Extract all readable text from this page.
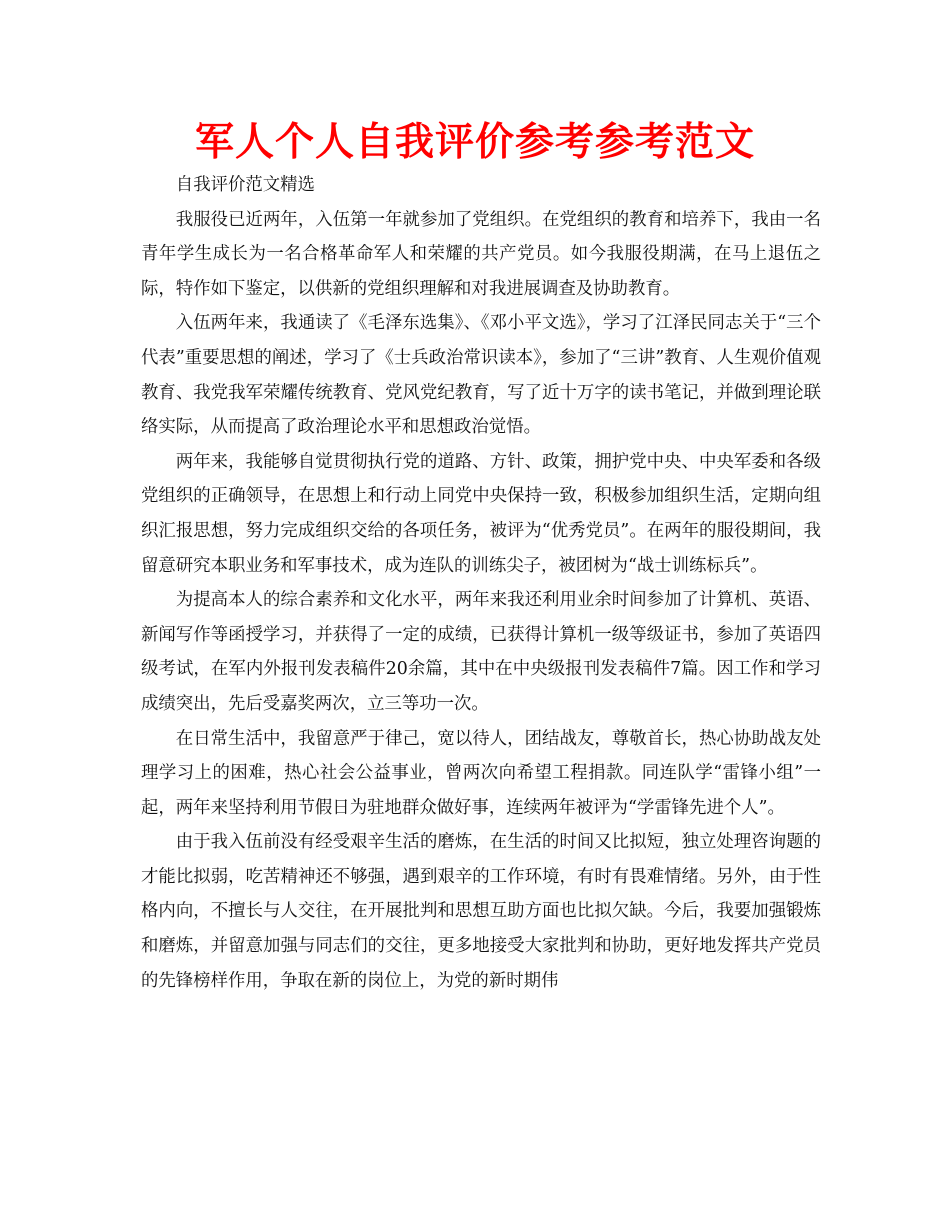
军人个人自我评价参考参考范文

自我评价范文精选

我服役已近两年，入伍第一年就参加了党组织。在党组织的教育和培养下，我由一名青年学生成长为一名合格革命军人和荣耀的共产党员。如今我服役期满，在马上退伍之际，特作如下鉴定，以供新的党组织理解和对我进展调查及协助教育。

入伍两年来，我通读了《毛泽东选集》、《邓小平文选》，学习了江泽民同志关于“三个代表”重要思想的阐述，学习了《士兵政治常识读本》，参加了“三讲”教育、人生观价值观教育、我党我军荣耀传统教育、党风党纪教育，写了近十万字的读书笔记，并做到理论联络实际，从而提高了政治理论水平和思想政治觉悟。

两年来，我能够自觉贯彻执行党的道路、方针、政策，拥护党中央、中央军委和各级党组织的正确领导，在思想上和行动上同党中央保持一致，积极参加组织生活，定期向组织汇报思想，努力完成组织交给的各项任务，被评为“优秀党员”。在两年的服役期间，我留意研究本职业务和军事技术，成为连队的训练尖子，被团树为“战士训练标兵”。

为提高本人的综合素养和文化水平，两年来我还利用业余时间参加了计算机、英语、新闻写作等函授学习，并获得了一定的成绩，已获得计算机一级等级证书，参加了英语四级考试，在军内外报刊发表稿件20余篇，其中在中央级报刊发表稿件7篇。因工作和学习成绩突出，先后受嘉奖两次，立三等功一次。

在日常生活中，我留意严于律己，宽以待人，团结战友，尊敬首长，热心协助战友处理学习上的困难，热心社会公益事业，曾两次向希望工程捐款。同连队学“雷锋小组”一起，两年来坚持利用节假日为驻地群众做好事，连续两年被评为“学雷锋先进个人”。

由于我入伍前没有经受艰辛生活的磨炼，在生活的时间又比拟短，独立处理咨询题的才能比拟弱，吃苦精神还不够强，遇到艰辛的工作环境，有时有畏难情绪。另外，由于性格内向，不擅长与人交往，在开展批判和思想互助方面也比拟欠缺。今后，我要加强锻炼和磨炼，并留意加强与同志们的交往，更多地接受大家批判和协助，更好地发挥共产党员的先锋榜样作用，争取在新的岗位上，为党的新时期伟
